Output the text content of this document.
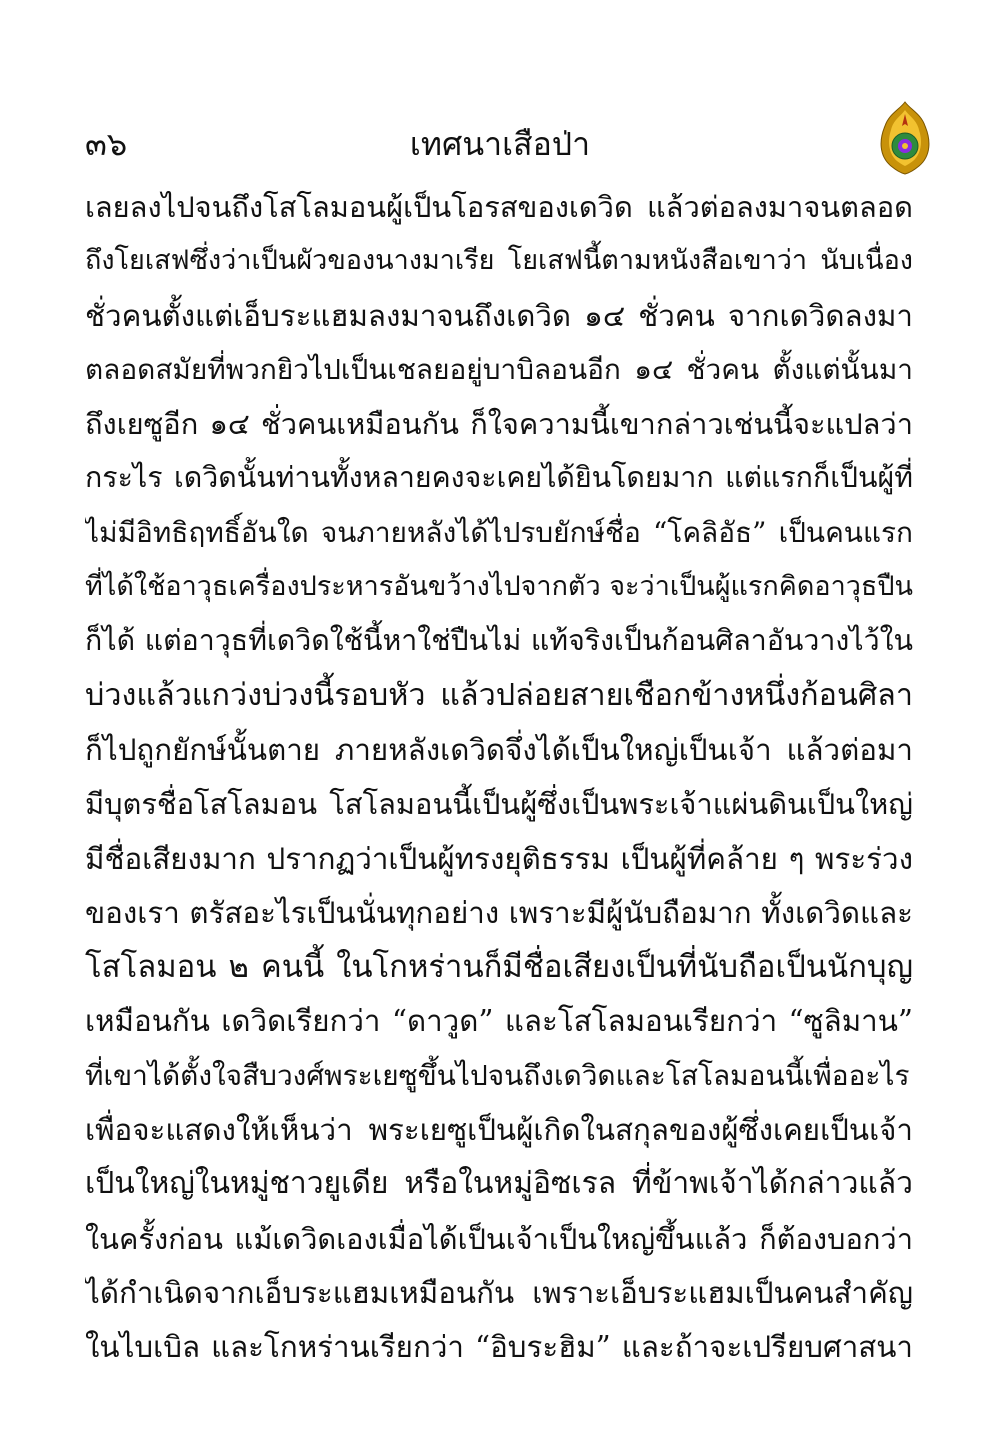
๓๖	เทศนาเสือป่า
เลยลงไปจนถึงโสโลมอนผู้เป็นโอรสของเดวิด แล้วต่อลงมาจนตลอด
ถึงโยเสฟซึ่งว่าเป็นผัวของนางมาเรีย โยเสฟนี้ตามหนังสือเขาว่า นับเนื่อง
ชั่วคนตั้งแต่เอ็บระแฮมลงมาจนถึงเดวิด ๑๔ ชั่วคน จากเดวิดลงมา
ตลอดสมัยที่พวกยิวไปเป็นเชลยอยู่บาบิลอนอีก ๑๔ ชั่วคน ตั้งแต่นั้นมา
ถึงเยซูอีก ๑๔ ชั่วคนเหมือนกัน ก็ใจความนี้เขากล่าวเช่นนี้จะแปลว่า
กระไร เดวิดนั้นท่านทั้งหลายคงจะเคยได้ยินโดยมาก แต่แรกก็เป็นผู้ที่
ไม่มีอิทธิฤทธิ์อันใด จนภายหลังได้ไปรบยักษ์ชื่อ “โคลิอัธ” เป็นคนแรก
ที่ได้ใช้อาวุธเครื่องประหารอันขว้างไปจากตัว จะว่าเป็นผู้แรกคิดอาวุธปืน
ก็ได้ แต่อาวุธที่เดวิดใช้นี้หาใช่ปืนไม่ แท้จริงเป็นก้อนศิลาอันวางไว้ใน
บ่วงแล้วแกว่งบ่วงนี้รอบหัว แล้วปล่อยสายเชือกข้างหนึ่งก้อนศิลา
ก็ไปถูกยักษ์นั้นตาย ภายหลังเดวิดจึ่งได้เป็นใหญ่เป็นเจ้า แล้วต่อมา
มีบุตรชื่อโสโลมอน โสโลมอนนี้เป็นผู้ซึ่งเป็นพระเจ้าแผ่นดินเป็นใหญ่
มีชื่อเสียงมาก ปรากฏว่าเป็นผู้ทรงยุติธรรม เป็นผู้ที่คล้าย ๆ พระร่วง
ของเรา ตรัสอะไรเป็นนั่นทุกอย่าง เพราะมีผู้นับถือมาก ทั้งเดวิดและ
โสโลมอน ๒ คนนี้ ในโกหร่านก็มีชื่อเสียงเป็นที่นับถือเป็นนักบุญ
เหมือนกัน เดวิดเรียกว่า “ดาวูด” และโสโลมอนเรียกว่า “ซูลิมาน”
ที่เขาได้ตั้งใจสืบวงศ์พระเยซูขึ้นไปจนถึงเดวิดและโสโลมอนนี้เพื่ออะไร
เพื่อจะแสดงให้เห็นว่า พระเยซูเป็นผู้เกิดในสกุลของผู้ซึ่งเคยเป็นเจ้า
เป็นใหญ่ในหมู่ชาวยูเดีย หรือในหมู่อิซเรล ที่ข้าพเจ้าได้กล่าวแล้ว
ในครั้งก่อน แม้เดวิดเองเมื่อได้เป็นเจ้าเป็นใหญ่ขึ้นแล้ว ก็ต้องบอกว่า
ได้กำเนิดจากเอ็บระแฮมเหมือนกัน เพราะเอ็บระแฮมเป็นคนสำคัญ
ในไบเบิล และโกหร่านเรียกว่า “อิบระฮิม” และถ้าจะเปรียบศาสนา
